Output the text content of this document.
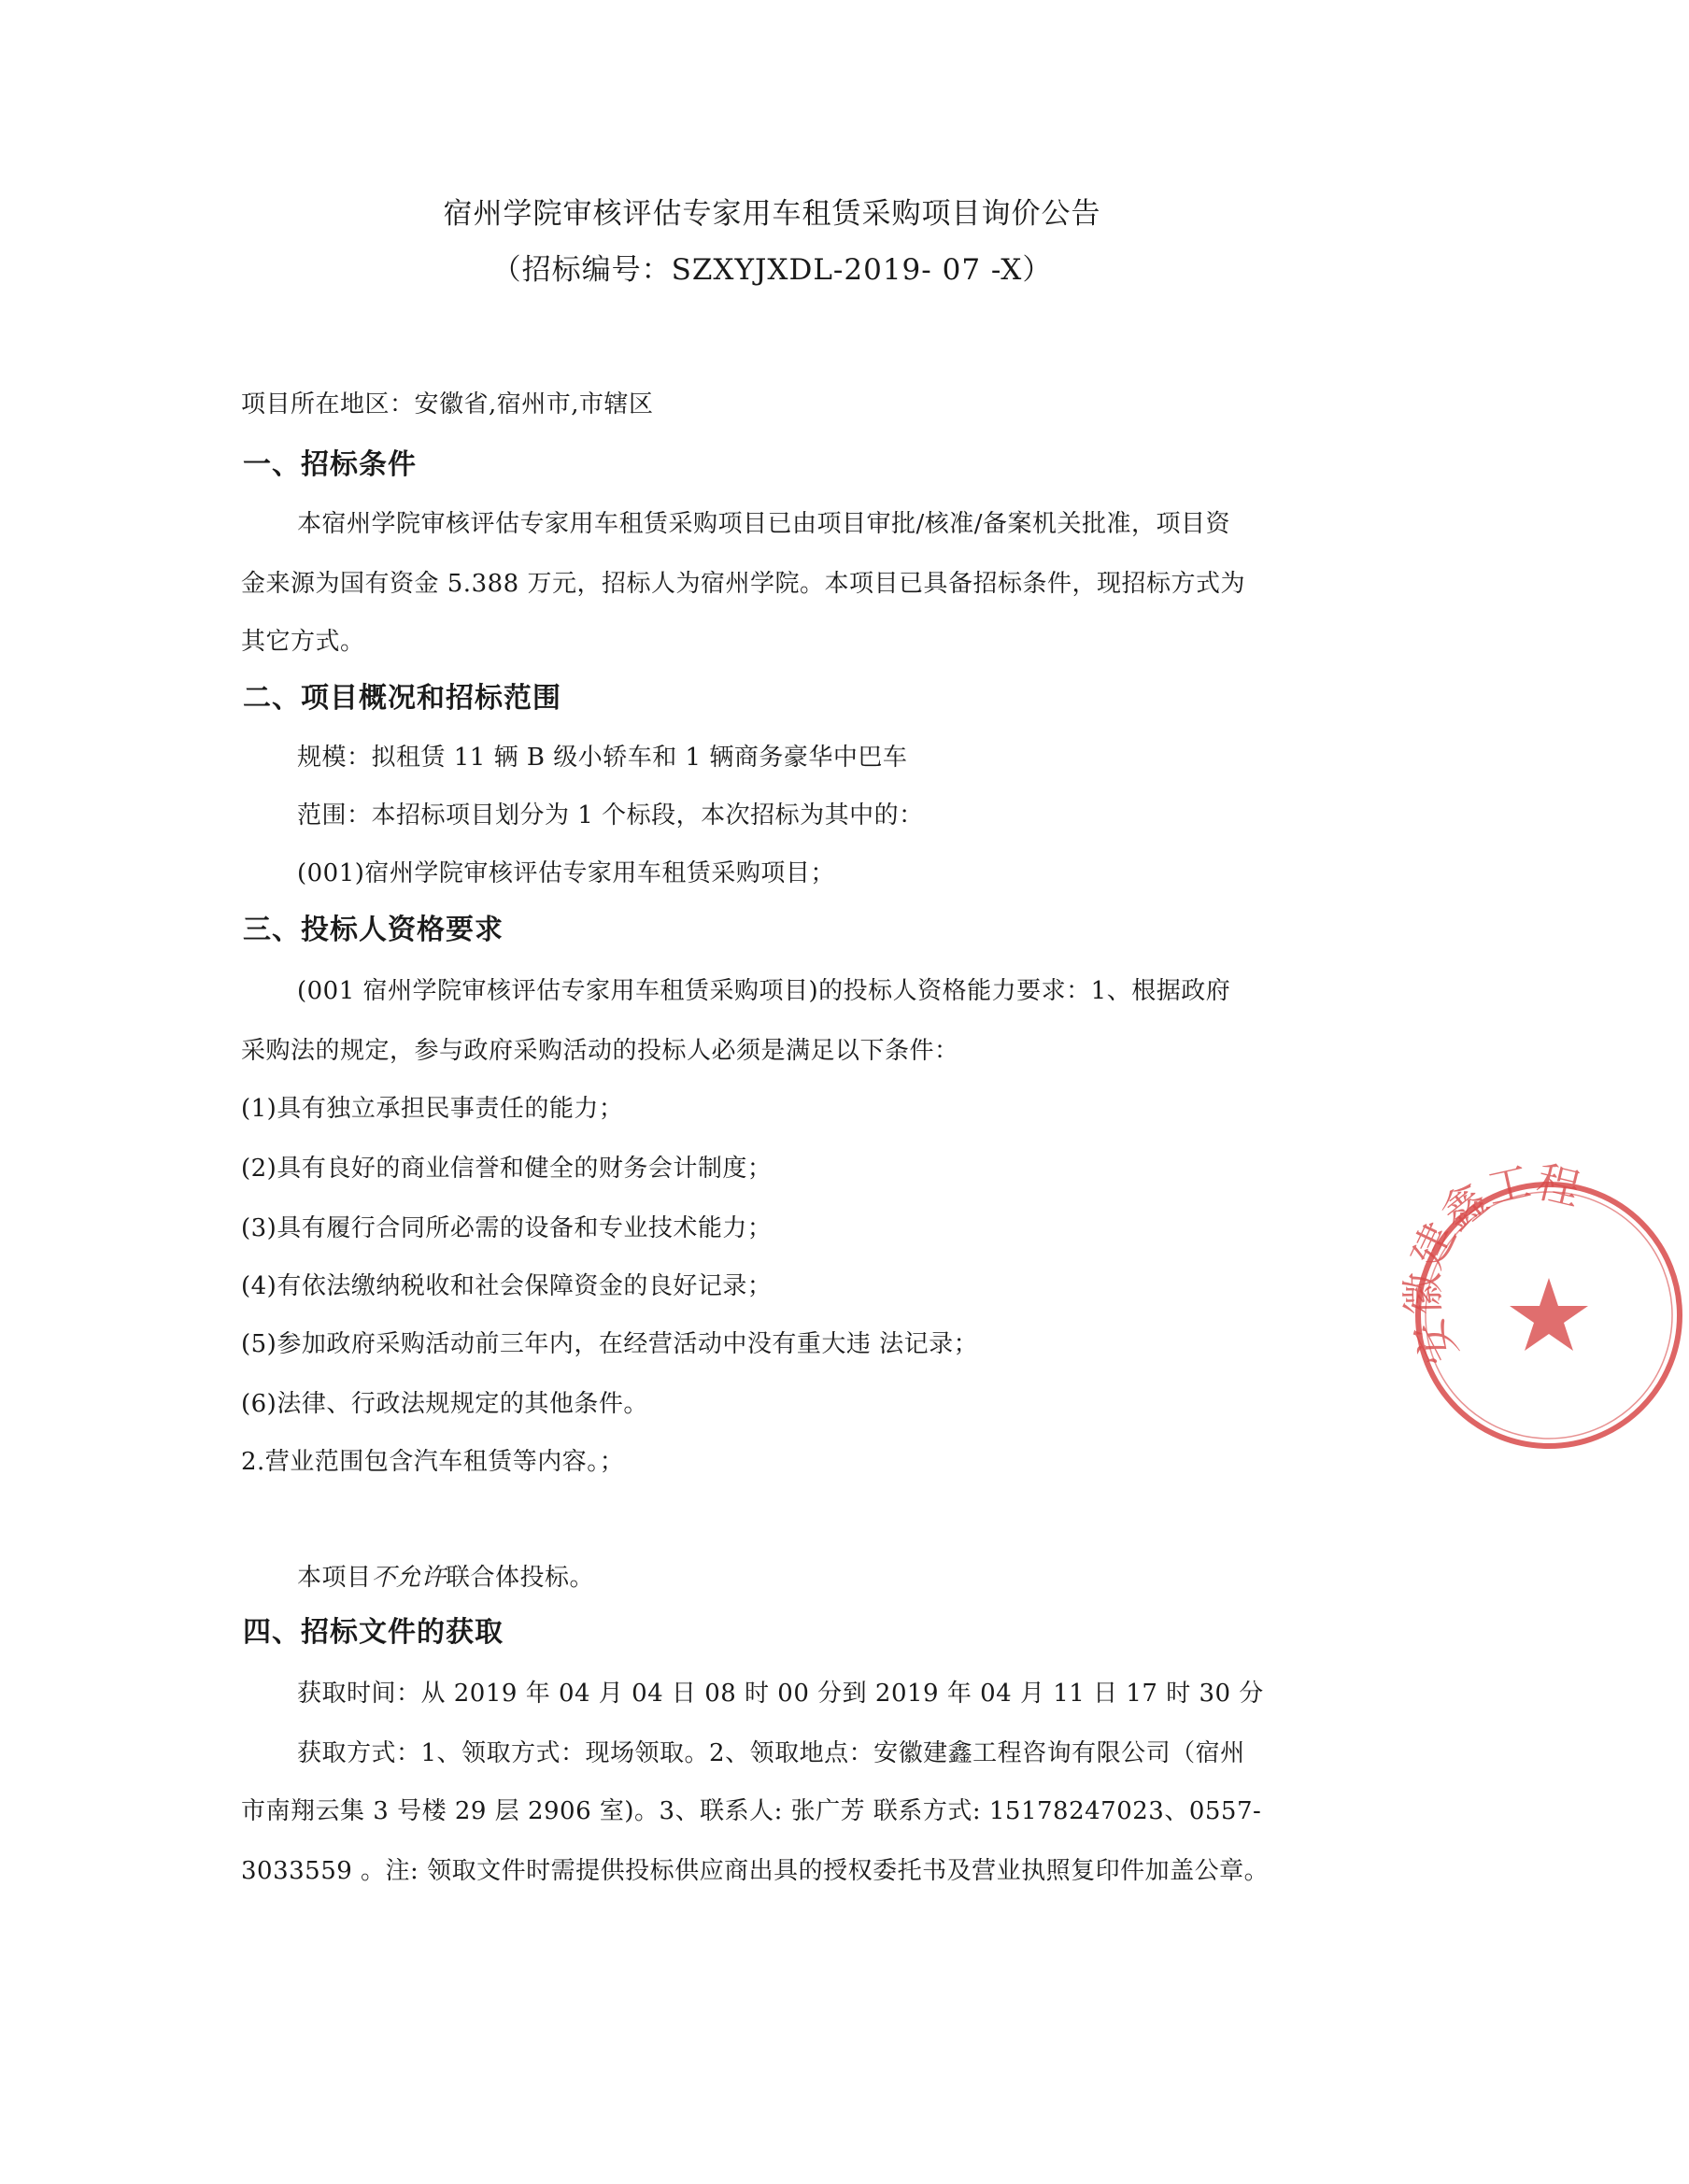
宿州学院审核评估专家用车租赁采购项目询价公告
（招标编号：SZXYJXDL-2019- 07 -X）
项目所在地区：安徽省,宿州市,市辖区
一、招标条件
本宿州学院审核评估专家用车租赁采购项目已由项目审批/核准/备案机关批准，项目资
金来源为国有资金 5.388 万元，招标人为宿州学院。本项目已具备招标条件，现招标方式为
其它方式。
二、项目概况和招标范围
规模：拟租赁 11 辆 B 级小轿车和 1 辆商务豪华中巴车
范围：本招标项目划分为 1 个标段，本次招标为其中的：
(001)宿州学院审核评估专家用车租赁采购项目；
三、投标人资格要求
(001 宿州学院审核评估专家用车租赁采购项目)的投标人资格能力要求：1、根据政府
采购法的规定，参与政府采购活动的投标人必须是满足以下条件：
(1)具有独立承担民事责任的能力；
(2)具有良好的商业信誉和健全的财务会计制度；
(3)具有履行合同所必需的设备和专业技术能力；
(4)有依法缴纳税收和社会保障资金的良好记录；
(5)参加政府采购活动前三年内，在经营活动中没有重大违 法记录；
(6)法律、行政法规规定的其他条件。
2.营业范围包含汽车租赁等内容。；
本项目不允许联合体投标。
四、招标文件的获取
获取时间：从 2019 年 04 月 04 日 08 时 00 分到 2019 年 04 月 11 日 17 时 30 分
获取方式：1、领取方式：现场领取。2、领取地点：安徽建鑫工程咨询有限公司（宿州
市南翔云集 3 号楼 29 层 2906 室)。3、联系人: 张广芳 联系方式: 15178247023、0557-
3033559 。注: 领取文件时需提供投标供应商出具的授权委托书及营业执照复印件加盖公章。
安徽建鑫工程
